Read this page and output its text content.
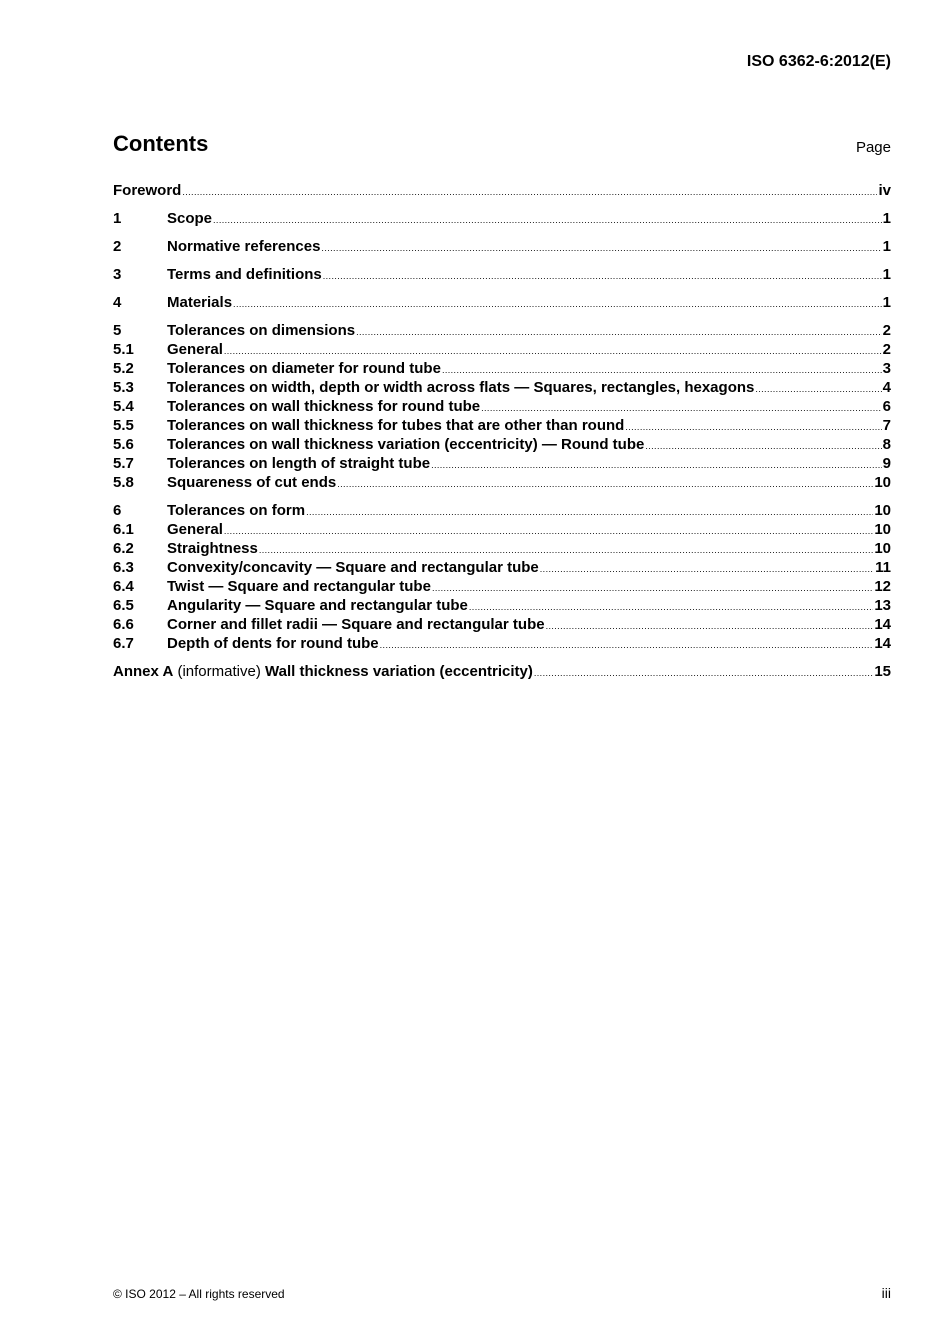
ISO 6362-6:2012(E)
Contents	Page
Foreword .....	iv
1	Scope .....	1
2	Normative references .....	1
3	Terms and definitions .....	1
4	Materials .....	1
5	Tolerances on dimensions .....	2
5.1	General .....	2
5.2	Tolerances on diameter for round tube .....	3
5.3	Tolerances on width, depth or width across flats — Squares, rectangles, hexagons .....	4
5.4	Tolerances on wall thickness for round tube .....	6
5.5	Tolerances on wall thickness for tubes that are other than round .....	7
5.6	Tolerances on wall thickness variation (eccentricity) — Round tube .....	8
5.7	Tolerances on length of straight tube .....	9
5.8	Squareness of cut ends .....	10
6	Tolerances on form .....	10
6.1	General .....	10
6.2	Straightness .....	10
6.3	Convexity/concavity — Square and rectangular tube .....	11
6.4	Twist — Square and rectangular tube .....	12
6.5	Angularity — Square and rectangular tube .....	13
6.6	Corner and fillet radii — Square and rectangular tube .....	14
6.7	Depth of dents for round tube .....	14
Annex A (informative) Wall thickness variation (eccentricity) .....	15
© ISO 2012 – All rights reserved	iii
